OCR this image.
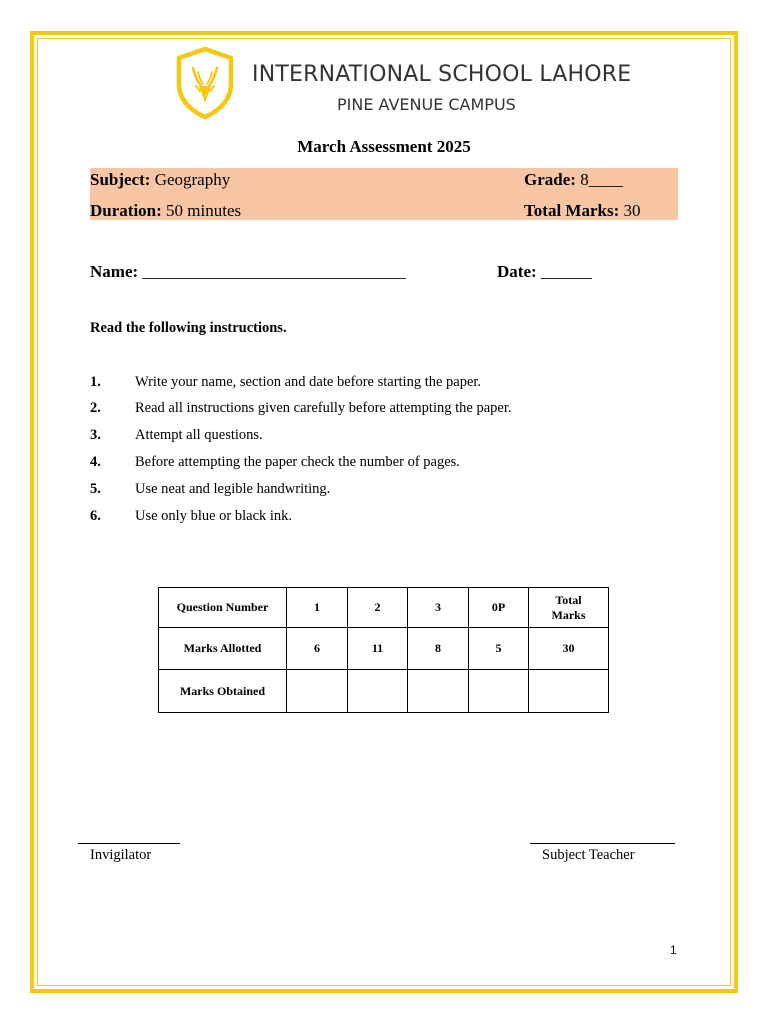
INTERNATIONAL SCHOOL LAHORE
PINE AVENUE CAMPUS
March Assessment 2025
Subject: Geography	Grade: 8____
Duration: 50 minutes	Total Marks: 30
Name: _______________________________	Date: ______
Read the following instructions.
1. Write your name, section and date before starting the paper.
2. Read all instructions given carefully before attempting the paper.
3. Attempt all questions.
4. Before attempting the paper check the number of pages.
5. Use neat and legible handwriting.
6. Use only blue or black ink.
Question Number	1	2	3	0P	Total Marks
Marks Allotted	6	11	8	5	30
Marks Obtained					
Invigilator	Subject Teacher
1
